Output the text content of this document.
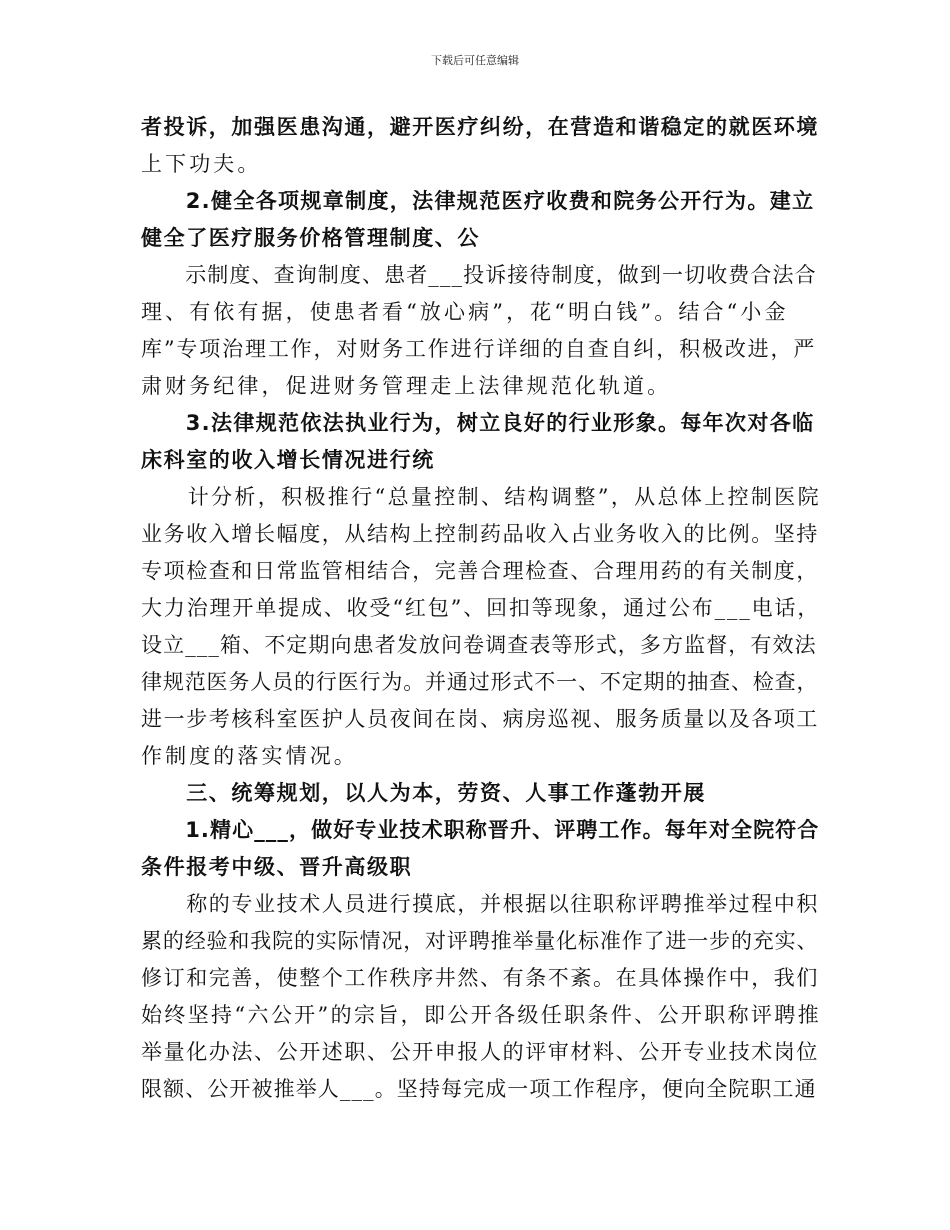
下载后可任意编辑
者投诉，加强医患沟通，避开医疗纠纷，在营造和谐稳定的就医环境
上下功夫。
　　2.健全各项规章制度，法律规范医疗收费和院务公开行为。建立
健全了医疗服务价格管理制度、公
　　示制度、查询制度、患者___投诉接待制度，做到一切收费合法合
理、有依有据，使患者看“放心病”，花“明白钱”。结合“小金
库”专项治理工作，对财务工作进行详细的自查自纠，积极改进，严
肃财务纪律，促进财务管理走上法律规范化轨道。
　　3.法律规范依法执业行为，树立良好的行业形象。每年次对各临
床科室的收入增长情况进行统
　　计分析，积极推行“总量控制、结构调整”，从总体上控制医院
业务收入增长幅度，从结构上控制药品收入占业务收入的比例。坚持
专项检查和日常监管相结合，完善合理检查、合理用药的有关制度，
大力治理开单提成、收受“红包”、回扣等现象，通过公布___电话，
设立___箱、不定期向患者发放问卷调查表等形式，多方监督，有效法
律规范医务人员的行医行为。并通过形式不一、不定期的抽查、检查，
进一步考核科室医护人员夜间在岗、病房巡视、服务质量以及各项工
作制度的落实情况。
　　三、统筹规划，以人为本，劳资、人事工作蓬勃开展
　　1.精心___，做好专业技术职称晋升、评聘工作。每年对全院符合
条件报考中级、晋升高级职
　　称的专业技术人员进行摸底，并根据以往职称评聘推举过程中积
累的经验和我院的实际情况，对评聘推举量化标准作了进一步的充实、
修订和完善，使整个工作秩序井然、有条不紊。在具体操作中，我们
始终坚持“六公开”的宗旨，即公开各级任职条件、公开职称评聘推
举量化办法、公开述职、公开申报人的评审材料、公开专业技术岗位
限额、公开被推举人___。坚持每完成一项工作程序，便向全院职工通
